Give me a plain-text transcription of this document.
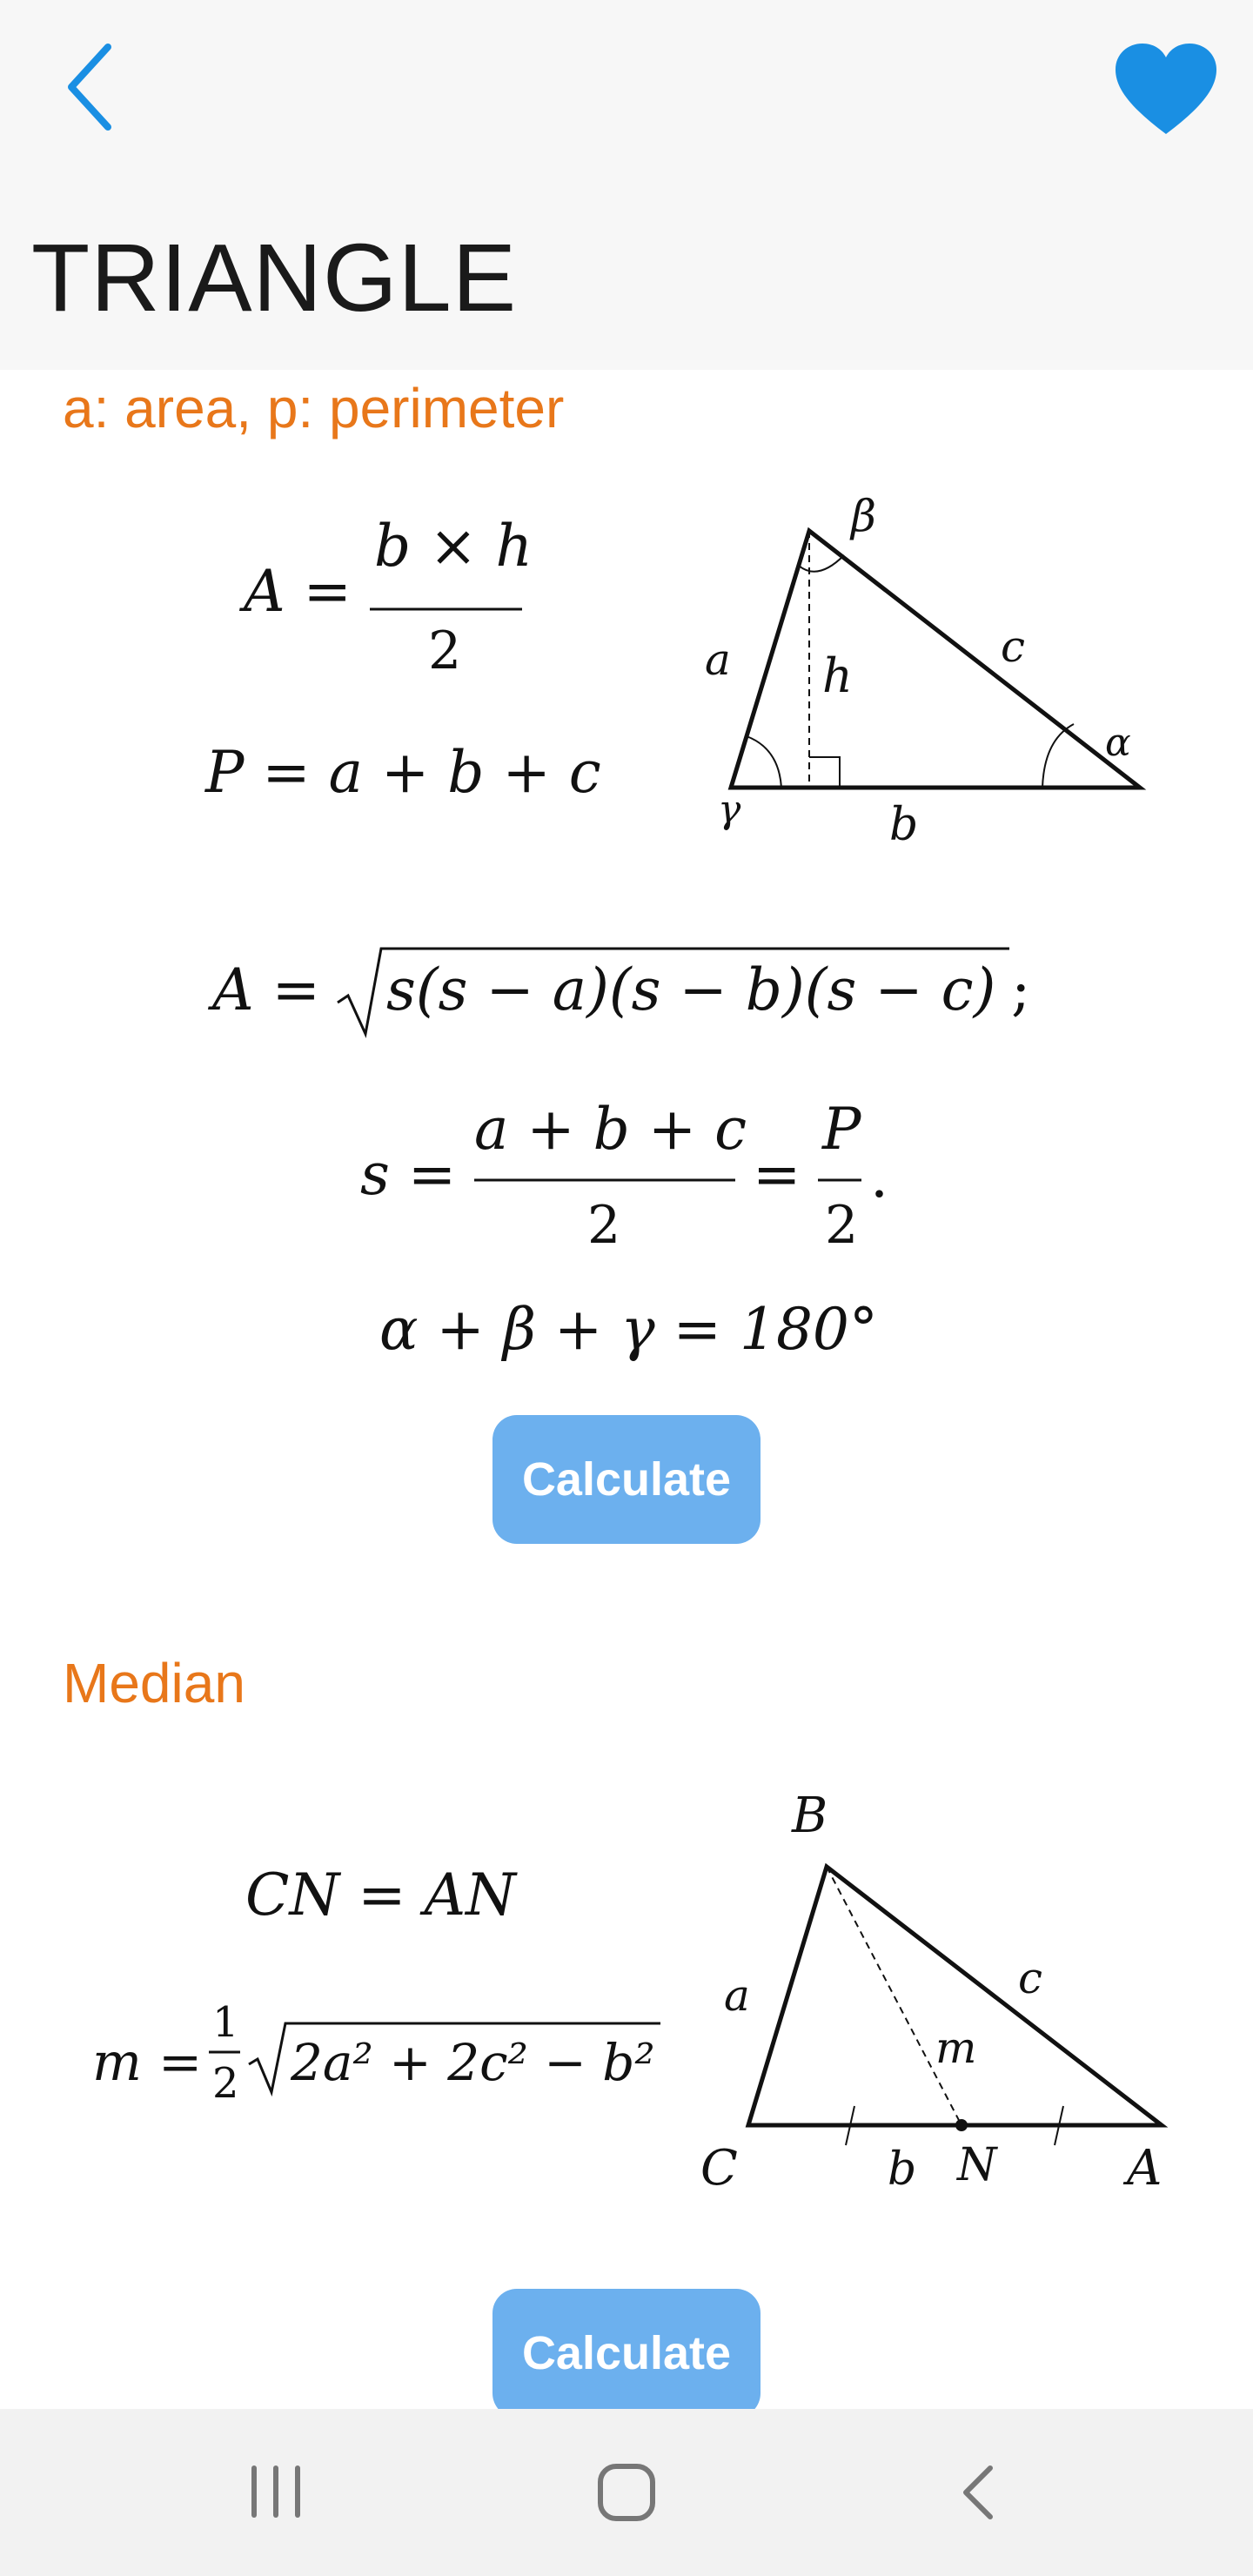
TRIANGLE
a: area, p: perimeter
A =
b × h
2
P = a + b + c
β
a h
c
α
γ	b
A = s(s − a)(s − b)(s − c) ;
s =
a + b + c
2
=
P
2
.
α + β + γ = 180°
Calculate
Median
CN = AN
m =
1
2 2a² + 2c² − b²
B
a	c
m
C	b N	A
Calculate
